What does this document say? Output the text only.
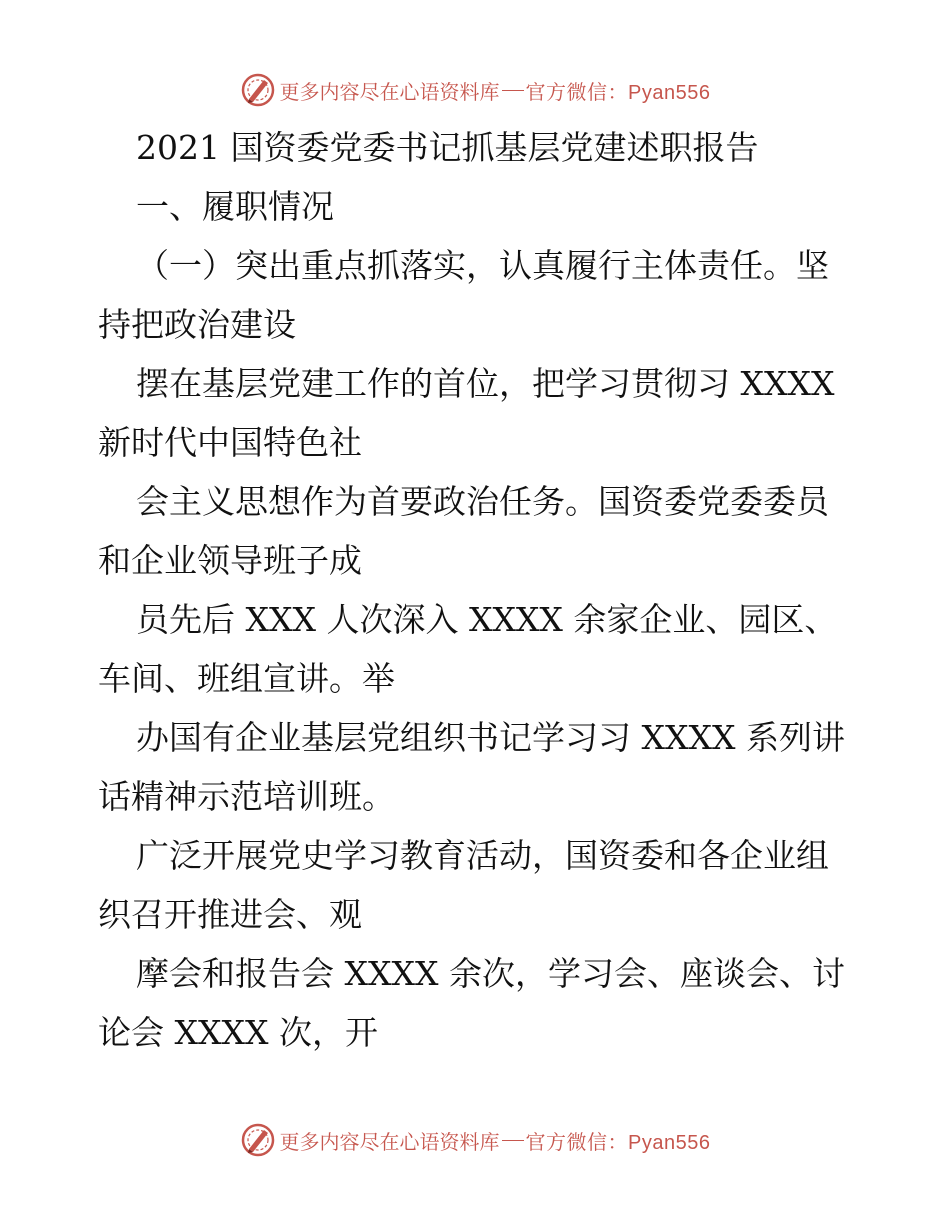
更多内容尽在心语资料库 官方微信：Pyan556
2021 国资委党委书记抓基层党建述职报告
一、履职情况
（一）突出重点抓落实，认真履行主体责任。坚
持把政治建设
摆在基层党建工作的首位，把学习贯彻习 XXXX
新时代中国特色社
会主义思想作为首要政治任务。国资委党委委员
和企业领导班子成
员先后 XXX 人次深入 XXXX 余家企业、园区、
车间、班组宣讲。举
办国有企业基层党组织书记学习习 XXXX 系列讲
话精神示范培训班。
广泛开展党史学习教育活动，国资委和各企业组
织召开推进会、观
摩会和报告会 XXXX 余次，学习会、座谈会、讨
论会 XXXX 次，开
更多内容尽在心语资料库 官方微信：Pyan556
